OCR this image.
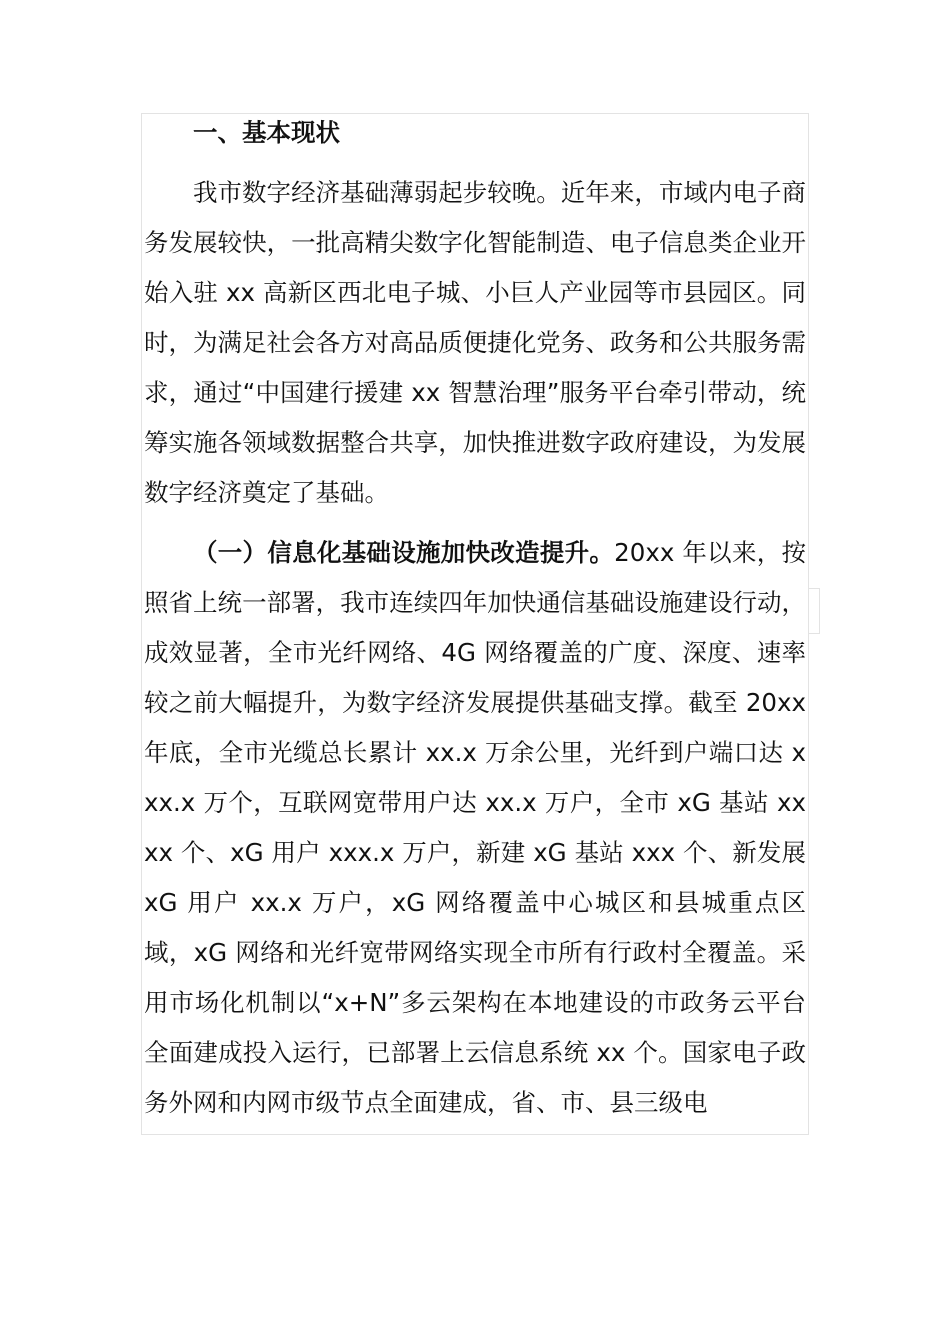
一、基本现状

我市数字经济基础薄弱起步较晚。近年来，市域内电子商务发展较快，一批高精尖数字化智能制造、电子信息类企业开始入驻 xx 高新区西北电子城、小巨人产业园等市县园区。同时，为满足社会各方对高品质便捷化党务、政务和公共服务需求，通过“中国建行援建 xx 智慧治理”服务平台牵引带动，统筹实施各领域数据整合共享，加快推进数字政府建设，为发展数字经济奠定了基础。

（一）信息化基础设施加快改造提升。20xx 年以来，按照省上统一部署，我市连续四年加快通信基础设施建设行动，成效显著，全市光纤网络、4G 网络覆盖的广度、深度、速率较之前大幅提升，为数字经济发展提供基础支撑。截至 20xx 年底，全市光缆总长累计 xx.x 万余公里，光纤到户端口达 xxx.x 万个，互联网宽带用户达 xx.x 万户，全市 xG 基站 xxxx 个、xG 用户 xxx.x 万户，新建 xG 基站 xxx 个、新发展 xG 用户 xx.x 万户，xG 网络覆盖中心城区和县城重点区域，xG 网络和光纤宽带网络实现全市所有行政村全覆盖。采用市场化机制以“x+N”多云架构在本地建设的市政务云平台全面建成投入运行，已部署上云信息系统 xx 个。国家电子政务外网和内网市级节点全面建成，省、市、县三级电
